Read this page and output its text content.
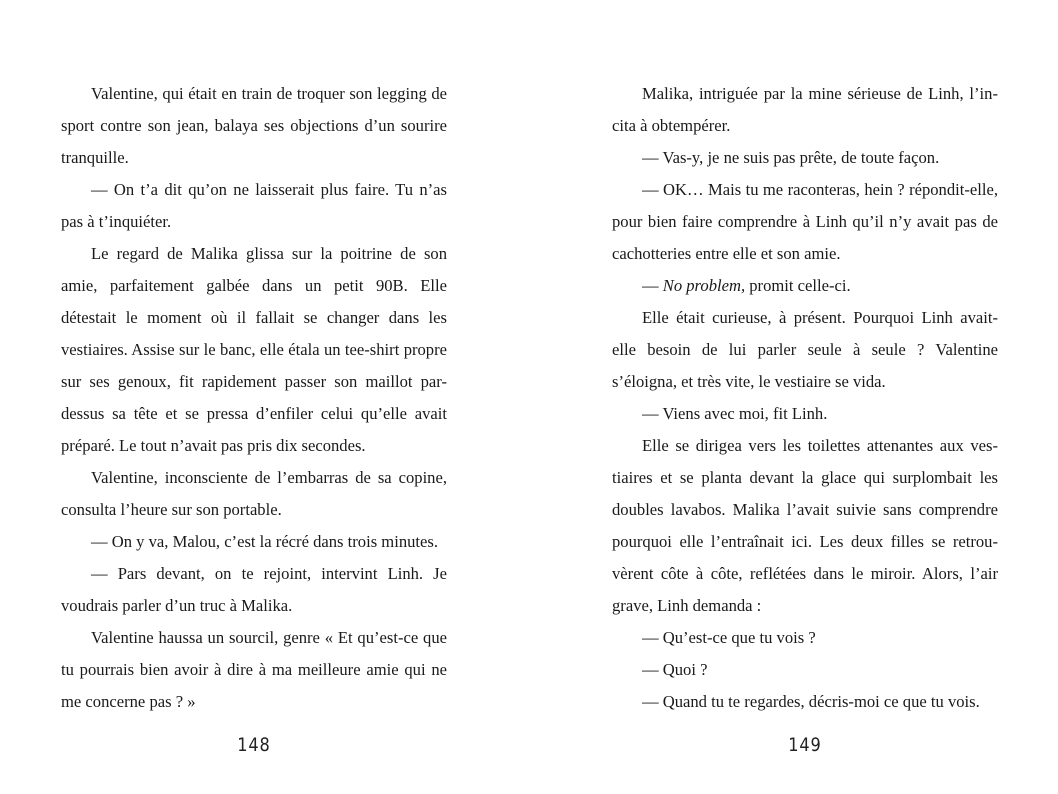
Valentine, qui était en train de troquer son legging de sport contre son jean, balaya ses objections d’un sourire tranquille.

— On t’a dit qu’on ne laisserait plus faire. Tu n’as pas à t’inquiéter.

Le regard de Malika glissa sur la poitrine de son amie, parfaitement galbée dans un petit 90B. Elle détestait le moment où il fallait se changer dans les vestiaires. Assise sur le banc, elle étala un tee-shirt propre sur ses genoux, fit rapidement passer son maillot par-dessus sa tête et se pressa d’enfiler celui qu’elle avait préparé. Le tout n’avait pas pris dix secondes.

Valentine, inconsciente de l’embarras de sa copine, consulta l’heure sur son portable.

— On y va, Malou, c’est la récré dans trois minutes.

— Pars devant, on te rejoint, intervint Linh. Je voudrais parler d’un truc à Malika.

Valentine haussa un sourcil, genre « Et qu’est-ce que tu pourrais bien avoir à dire à ma meilleure amie qui ne me concerne pas ? »

Malika, intriguée par la mine sérieuse de Linh, l’incita à obtempérer.

— Vas-y, je ne suis pas prête, de toute façon.

— OK… Mais tu me raconteras, hein ? répondit-elle, pour bien faire comprendre à Linh qu’il n’y avait pas de cachotteries entre elle et son amie.

— No problem, promit celle-ci.

Elle était curieuse, à présent. Pourquoi Linh avait-elle besoin de lui parler seule à seule ? Valentine s’éloigna, et très vite, le vestiaire se vida.

— Viens avec moi, fit Linh.

Elle se dirigea vers les toilettes attenantes aux vestiaires et se planta devant la glace qui surplombait les doubles lavabos. Malika l’avait suivie sans comprendre pourquoi elle l’entraînait ici. Les deux filles se retrouvèrent côte à côte, reflétées dans le miroir. Alors, l’air grave, Linh demanda :

— Qu’est-ce que tu vois ?

— Quoi ?

— Quand tu te regardes, décris-moi ce que tu vois.

148	149
